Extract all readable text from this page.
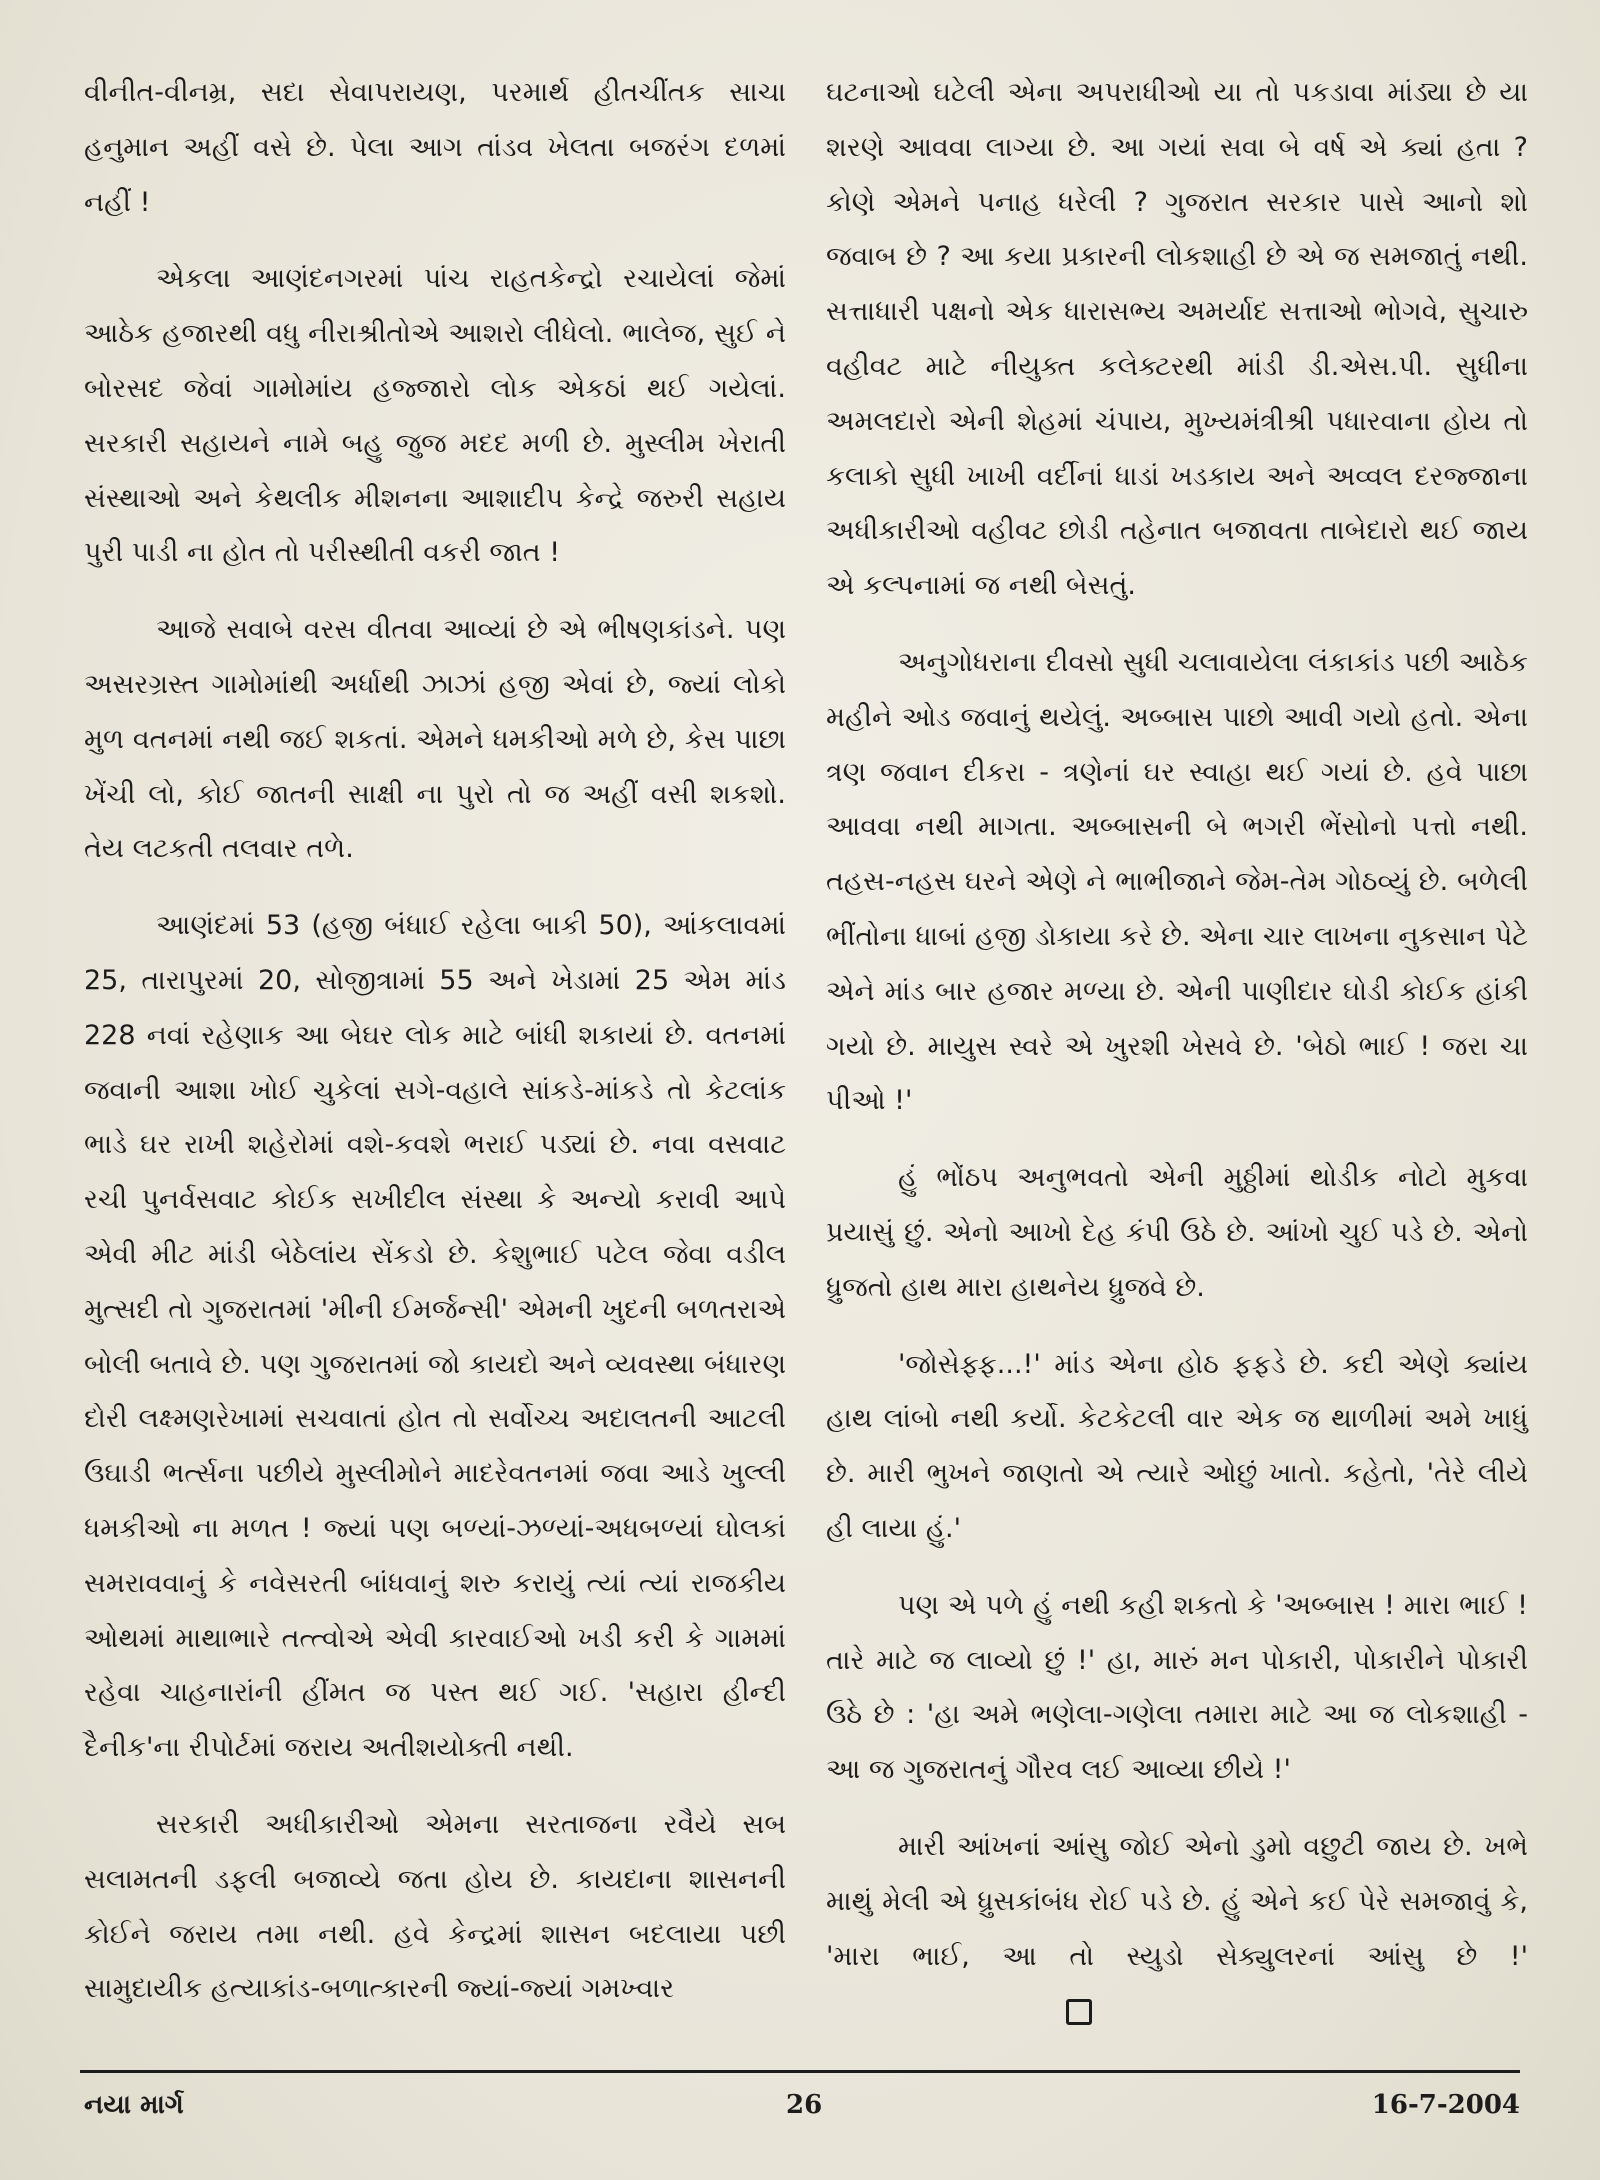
વીનીત-વીનમ્ર, સદા સેવાપરાયણ, પરમાર્થ હીતચીંતક સાચા હનુમાન અહીં વસે છે. પેલા આગ તાંડવ ખેલતા બજરંગ દળમાં નહીં !

એકલા આણંદનગરમાં પાંચ રાહતકેન્દ્રો રચાયેલાં જેમાં આઠેક હજારથી વધુ નીરાશ્રીતોએ આશરો લીધેલો. ભાલેજ, સુઈ ને બોરસદ જેવાં ગામોમાંય હજ્જારો લોક એકઠાં થઈ ગયેલાં. સરકારી સહાયને નામે બહુ જુજ મદદ મળી છે. મુસ્લીમ ખેરાતી સંસ્થાઓ અને કેથલીક મીશનના આશાદીપ કેન્દ્રે જરુરી સહાય પુરી પાડી ના હોત તો પરીસ્થીતી વકરી જાત !

આજે સવાબે વરસ વીતવા આવ્યાં છે એ ભીષણકાંડને. પણ અસરગ્રસ્ત ગામોમાંથી અર્ધાથી ઝાઝાં હજી એવાં છે, જ્યાં લોકો મુળ વતનમાં નથી જઈ શકતાં. એમને ધમકીઓ મળે છે, કેસ પાછા ખેંચી લો, કોઈ જાતની સાક્ષી ના પુરો તો જ અહીં વસી શકશો. તેય લટકતી તલવાર તળે.

આણંદમાં 53 (હજી બંધાઈ રહેલા બાકી 50), આંકલાવમાં 25, તારાપુરમાં 20, સોજીત્રામાં 55 અને ખેડામાં 25 એમ માંડ 228 નવાં રહેણાક આ બેઘર લોક માટે બાંધી શકાયાં છે. વતનમાં જવાની આશા ખોઈ ચુકેલાં સગે-વહાલે સાંકડે-માંકડે તો કેટલાંક ભાડે ઘર રાખી શહેરોમાં વશે-કવશે ભરાઈ પડ્યાં છે. નવા વસવાટ રચી પુનર્વસવાટ કોઈક સખીદીલ સંસ્થા કે અન્યો કરાવી આપે એવી મીટ માંડી બેઠેલાંય સેંકડો છે. કેશુભાઈ પટેલ જેવા વડીલ મુત્સદી તો ગુજરાતમાં 'મીની ઈમર્જન્સી' એમની ખુદની બળતરાએ બોલી બતાવે છે. પણ ગુજરાતમાં જો કાયદો અને વ્યવસ્થા બંધારણ દોરી લક્ષ્મણરેખામાં સચવાતાં હોત તો સર્વોચ્ચ અદાલતની આટલી ઉઘાડી ભર્ત્સના પછીયે મુસ્લીમોને માદરેવતનમાં જવા આડે ખુલ્લી ધમકીઓ ના મળત ! જ્યાં પણ બળ્યાં-ઝળ્યાં-અધબળ્યાં ઘોલકાં સમરાવવાનું કે નવેસરતી બાંધવાનું શરુ કરાયું ત્યાં ત્યાં રાજકીય ઓથમાં માથાભારે તત્ત્વોએ એવી કારવાઈઓ ખડી કરી કે ગામમાં રહેવા ચાહનારાંની હીંમત જ પસ્ત થઈ ગઈ. 'સહારા હીન્દી દૈનીક'ના રીપોર્ટમાં જરાય અતીશયોક્તી નથી.

સરકારી અધીકારીઓ એમના સરતાજના રવૈયે સબ સલામતની ડફલી બજાવ્યે જતા હોય છે. કાયદાના શાસનની કોઈને જરાય તમા નથી. હવે કેન્દ્રમાં શાસન બદલાયા પછી સામુદાયીક હત્યાકાંડ-બળાત્કારની જ્યાં-જ્યાં ગમખ્વાર

ઘટનાઓ ઘટેલી એના અપરાધીઓ યા તો પકડાવા માંડ્યા છે યા શરણે આવવા લાગ્યા છે. આ ગયાં સવા બે વર્ષ એ ક્યાં હતા ? કોણે એમને પનાહ ધરેલી ? ગુજરાત સરકાર પાસે આનો શો જવાબ છે ? આ કયા પ્રકારની લોકશાહી છે એ જ સમજાતું નથી. સત્તાધારી પક્ષનો એક ધારાસભ્ય અમર્યાદ સત્તાઓ ભોગવે, સુચારુ વહીવટ માટે નીયુક્ત કલેક્ટરથી માંડી ડી.એસ.પી. સુધીના અમલદારો એની શેહમાં ચંપાય, મુખ્યમંત્રીશ્રી પધારવાના હોય તો કલાકો સુધી ખાખી વર્દીનાં ધાડાં ખડકાય અને અવ્વલ દરજ્જાના અધીકારીઓ વહીવટ છોડી તહેનાત બજાવતા તાબેદારો થઈ જાય એ કલ્પનામાં જ નથી બેસતું.

અનુગોધરાના દીવસો સુધી ચલાવાયેલા લંકાકાંડ પછી આઠેક મહીને ઓડ જવાનું થયેલું. અબ્બાસ પાછો આવી ગયો હતો. એના ત્રણ જવાન દીકરા - ત્રણેનાં ઘર સ્વાહા થઈ ગયાં છે. હવે પાછા આવવા નથી માગતા. અબ્બાસની બે ભગરી ભેંસોનો પત્તો નથી. તહસ-નહસ ઘરને એણે ને ભાભીજાને જેમ-તેમ ગોઠવ્યું છે. બળેલી ભીંતોના ધાબાં હજી ડોકાયા કરે છે. એના ચાર લાખના નુકસાન પેટે એને માંડ બાર હજાર મળ્યા છે. એની પાણીદાર ઘોડી કોઈક હાંકી ગયો છે. માયુસ સ્વરે એ ખુરશી ખેસવે છે. 'બેઠો ભાઈ ! જરા ચા પીઓ !'

હું ભોંઠપ અનુભવતો એની મુઠ્ઠીમાં થોડીક નોટો મુકવા પ્રયાસું છું. એનો આખો દેહ કંપી ઉઠે છે. આંખો ચુઈ પડે છે. એનો ધ્રુજતો હાથ મારા હાથનેય ધ્રુજવે છે.

'જોસેફ્ફ...!' માંડ એના હોઠ ફફડે છે. કદી એણે ક્યાંય હાથ લાંબો નથી કર્યો. કેટકેટલી વાર એક જ થાળીમાં અમે ખાધું છે. મારી ભુખને જાણતો એ ત્યારે ઓછું ખાતો. કહેતો, 'તેરે લીયે હી લાયા હું.'

પણ એ પળે હું નથી કહી શકતો કે 'અબ્બાસ ! મારા ભાઈ ! તારે માટે જ લાવ્યો છું !' હા, મારું મન પોકારી, પોકારીને પોકારી ઉઠે છે : 'હા અમે ભણેલા-ગણેલા તમારા માટે આ જ લોકશાહી - આ જ ગુજરાતનું ગૌરવ લઈ આવ્યા છીયે !'

મારી આંખનાં આંસુ જોઈ એનો ડુમો વછુટી જાય છે. ખભે માથું મેલી એ ધ્રુસકાંબંધ રોઈ પડે છે. હું એને કઈ પેરે સમજાવું કે, 'મારા ભાઈ, આ તો સ્યુડો સેક્યુલરનાં આંસુ છે !'

નયા માર્ગ	26	16-7-2004
